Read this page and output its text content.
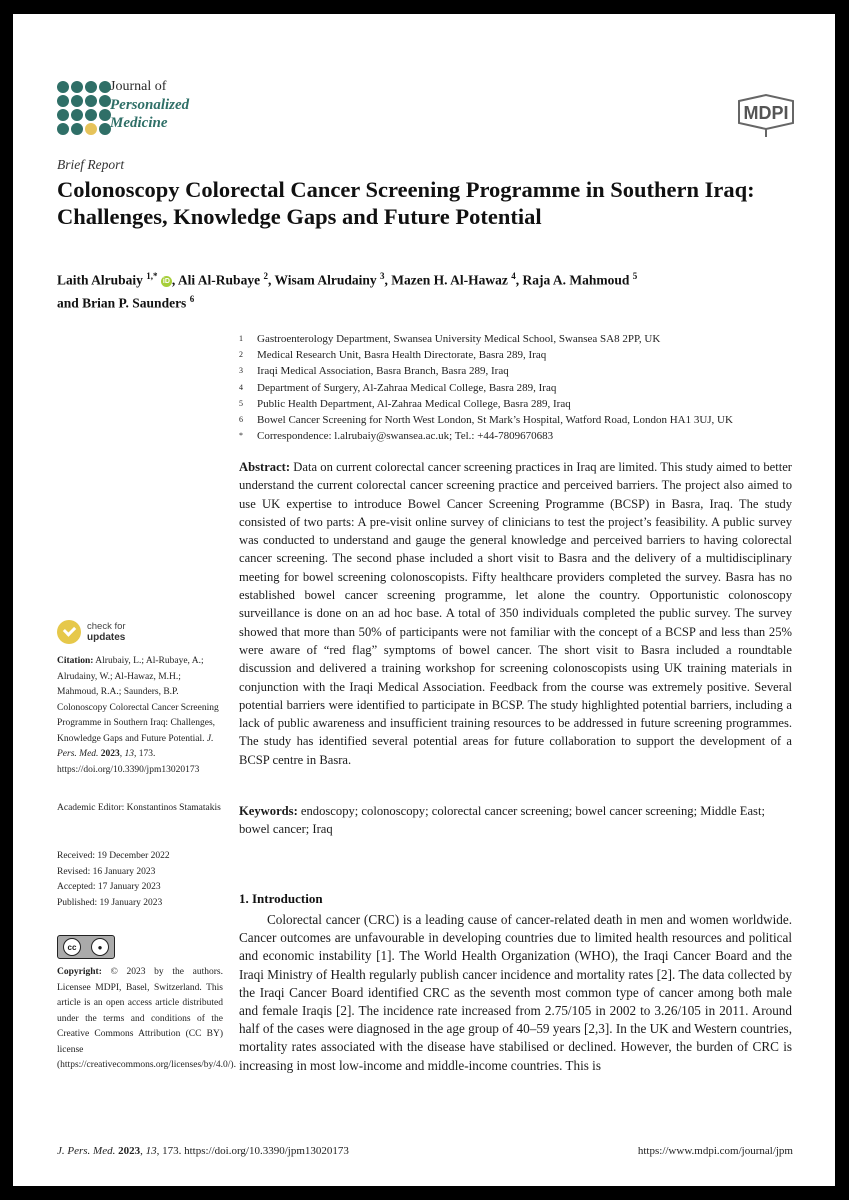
Journal of
Personalized
Medicine
MDPI
Brief Report
Colonoscopy Colorectal Cancer Screening Programme in Southern Iraq: Challenges, Knowledge Gaps and Future Potential
Laith Alrubaiy $^{1,*}$ iD , Ali Al-Rubaye $^2$, Wisam Alrudainy $^3$, Mazen H. Al-Hawaz $^4$, Raja A. Mahmoud $^5$
and Brian P. Saunders $^6$
1	Gastroenterology Department, Swansea University Medical School, Swansea SA8 2PP, UK
2	Medical Research Unit, Basra Health Directorate, Basra 289, Iraq
3	Iraqi Medical Association, Basra Branch, Basra 289, Iraq
4	Department of Surgery, Al-Zahraa Medical College, Basra 289, Iraq
5	Public Health Department, Al-Zahraa Medical College, Basra 289, Iraq
6	Bowel Cancer Screening for North West London, St Mark’s Hospital, Watford Road, London HA1 3UJ, UK
*	Correspondence: l.alrubaiy@swansea.ac.uk; Tel.: +44-7809670683
Abstract: Data on current colorectal cancer screening practices in Iraq are limited. This study aimed to better understand the current colorectal cancer screening practice and perceived barriers. The project also aimed to use UK expertise to introduce Bowel Cancer Screening Programme (BCSP) in Basra, Iraq. The study consisted of two parts: A pre-visit online survey of clinicians to test the project’s feasibility. A public survey was conducted to understand and gauge the general knowledge and perceived barriers to having colorectal cancer screening. The second phase included a short visit to Basra and the delivery of a multidisciplinary meeting for bowel screening colonoscopists. Fifty healthcare providers completed the survey. Basra has no established bowel cancer screening programme, let alone the country. Opportunistic colonoscopy surveillance is done on an ad hoc base. A total of 350 individuals completed the public survey. The survey showed that more than 50% of participants were not familiar with the concept of a BCSP and less than 25% were aware of “red flag” symptoms of bowel cancer. The short visit to Basra included a roundtable discussion and delivered a training workshop for screening colonoscopists using UK training materials in conjunction with the Iraqi Medical Association. Feedback from the course was extremely positive. Several potential barriers were identified to participate in BCSP. The study highlighted potential barriers, including a lack of public awareness and insufficient training resources to be addressed in future screening programmes. The study has identified several potential areas for future collaboration to support the development of a BCSP centre in Basra.
Keywords: endoscopy; colonoscopy; colorectal cancer screening; bowel cancer screening; Middle East; bowel cancer; Iraq
check for
updates
Citation: Alrubaiy, L.; Al-Rubaye, A.; Alrudainy, W.; Al-Hawaz, M.H.; Mahmoud, R.A.; Saunders, B.P. Colonoscopy Colorectal Cancer Screening Programme in Southern Iraq: Challenges, Knowledge Gaps and Future Potential. J. Pers. Med. 2023, 13, 173. https://doi.org/10.3390/jpm13020173
Academic Editor: Konstantinos Stamatakis
Received: 19 December 2022
Revised: 16 January 2023
Accepted: 17 January 2023
Published: 19 January 2023
cc	●
Copyright: © 2023 by the authors. Licensee MDPI, Basel, Switzerland. This article is an open access article distributed under the terms and conditions of the Creative Commons Attribution (CC BY) license (https://creativecommons.org/licenses/by/4.0/).
1. Introduction
Colorectal cancer (CRC) is a leading cause of cancer-related death in men and women worldwide. Cancer outcomes are unfavourable in developing countries due to limited health resources and political and economic instability [1]. The World Health Organization (WHO), the Iraqi Cancer Board and the Iraqi Ministry of Health regularly publish cancer incidence and mortality rates [2]. The data collected by the Iraqi Cancer Board identified CRC as the seventh most common type of cancer among both male and female Iraqis [2]. The incidence rate increased from 2.75/105 in 2002 to 3.26/105 in 2011. Around half of the cases were diagnosed in the age group of 40–59 years [2,3]. In the UK and Western countries, mortality rates associated with the disease have stabilised or declined. However, the burden of CRC is increasing in most low-income and middle-income countries. This is
J. Pers. Med. 2023, 13, 173. https://doi.org/10.3390/jpm13020173	https://www.mdpi.com/journal/jpm
